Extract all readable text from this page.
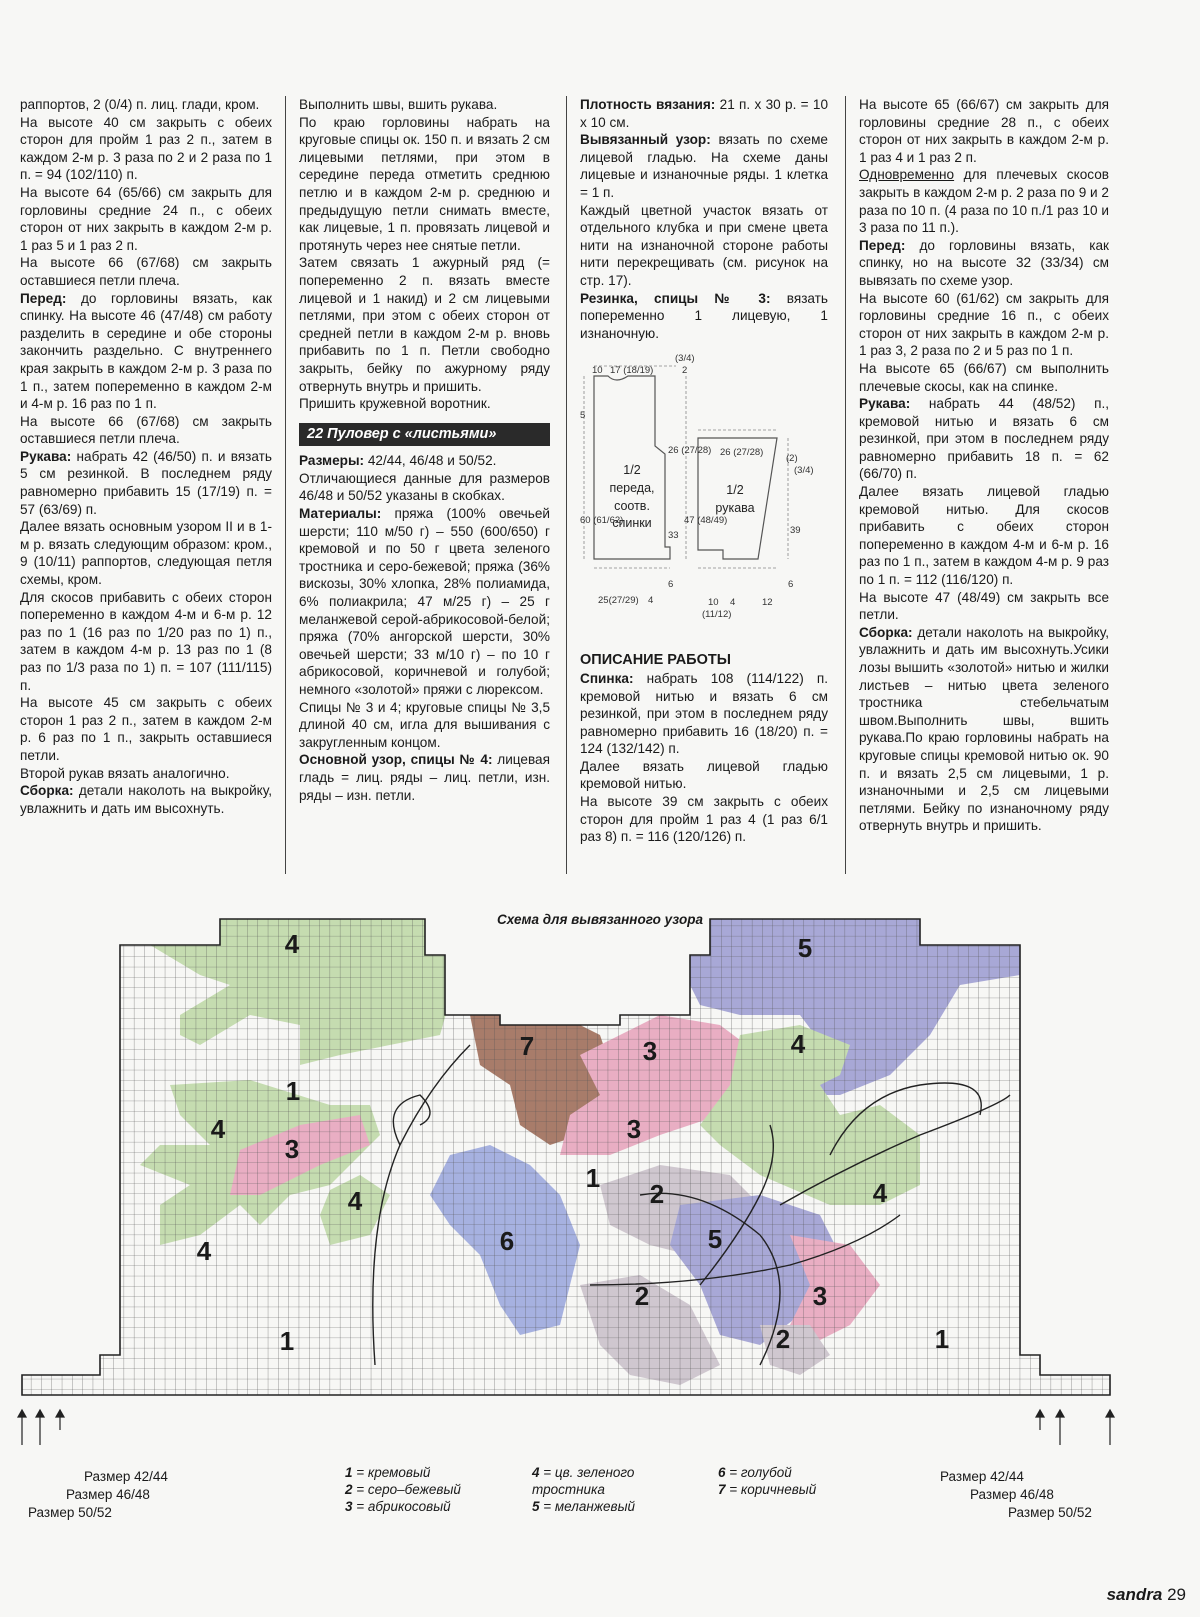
раппортов, 2 (0/4) п. лиц. глади, кром.

На высоте 40 см закрыть с обеих сторон для пройм 1 раз 2 п., затем в каждом 2-м р. 3 раза по 2 и 2 раза по 1 п. = 94 (102/110) п.

На высоте 64 (65/66) см закрыть для горловины средние 24 п., с обеих сторон от них закрыть в каждом 2-м р. 1 раз 5 и 1 раз 2 п.

На высоте 66 (67/68) см закрыть оставшиеся петли плеча.

Перед: до горловины вязать, как спинку. На высоте 46 (47/48) см работу разделить в середине и обе стороны закончить раздельно. С внутреннего края закрыть в каждом 2-м р. 3 раза по 1 п., затем попеременно в каждом 2-м и 4-м р. 16 раз по 1 п.

На высоте 66 (67/68) см закрыть оставшиеся петли плеча.

Рукава: набрать 42 (46/50) п. и вязать 5 см резинкой. В последнем ряду равномерно прибавить 15 (17/19) п. = 57 (63/69) п.

Далее вязать основным узором II и в 1-м р. вязать следующим образом: кром., 9 (10/11) раппортов, следующая петля схемы, кром.

Для скосов прибавить с обеих сторон попеременно в каждом 4-м и 6-м р. 12 раз по 1 (16 раз по 1/20 раз по 1) п., затем в каждом 4-м р. 13 раз по 1 (8 раз по 1/3 раза по 1) п. = 107 (111/115) п.

На высоте 45 см закрыть с обеих сторон 1 раз 2 п., затем в каждом 2-м р. 6 раз по 1 п., закрыть оставшиеся петли.

Второй рукав вязать аналогично.

Сборка: детали наколоть на выкройку, увлажнить и дать им высохнуть.

Выполнить швы, вшить рукава.

По краю горловины набрать на круговые спицы ок. 150 п. и вязать 2 см лицевыми петлями, при этом в середине переда отметить среднюю петлю и в каждом 2-м р. среднюю и предыдущую петли снимать вместе, как лицевые, 1 п. провязать лицевой и протянуть через нее снятые петли.

Затем связать 1 ажурный ряд (= попеременно 2 п. вязать вместе лицевой и 1 накид) и 2 см лицевыми петлями, при этом с обеих сторон от средней петли в каждом 2-м р. вновь прибавить по 1 п. Петли свободно закрыть, бейку по ажурному ряду отвернуть внутрь и пришить.

Пришить кружевной воротник.

22 Пуловер с «листьями»

Размеры: 42/44, 46/48 и 50/52.

Отличающиеся данные для размеров 46/48 и 50/52 указаны в скобках.

Материалы: пряжа (100% овечьей шерсти; 110 м/50 г) – 550 (600/650) г кремовой и по 50 г цвета зеленого тростника и серо-бежевой; пряжа (36% вискозы, 30% хлопка, 28% полиамида, 6% полиакрила; 47 м/25 г) – 25 г меланжевой серой-абрикосовой-белой; пряжа (70% ангорской шерсти, 30% овечьей шерсти; 33 м/10 г) – по 10 г абрикосовой, коричневой и голубой; немного «золотой» пряжи с люрексом.

Спицы № 3 и 4; круговые спицы № 3,5 длиной 40 см, игла для вышивания с закругленным концом.

Основной узор, спицы № 4: лицевая гладь = лиц. ряды – лиц. петли, изн. ряды – изн. петли.

Плотность вязания: 21 п. х 30 р. = 10 х 10 см.

Вывязанный узор: вязать по схеме лицевой гладью. На схеме даны лицевые и изнаночные ряды. 1 клетка = 1 п.

Каждый цветной участок вязать от отдельного клубка и при смене цвета нити на изнаночной стороне работы нити перекрещивать (см. рисунок на стр. 17).

Резинка, спицы № 3: вязать попеременно 1 лицевую, 1 изнаночную.

1/2 переда, соотв. спинки
1/2 рукава
10 17 (18/19)
(3/4)
2
5
26 (27/28)
60 (61/62)
33
6
25(27/29) 4
26 (27/28)
(2)
(3/4)
47 (48/49)
39
6
10 4	12
(11/12)
ОПИСАНИЕ РАБОТЫ

Спинка: набрать 108 (114/122) п. кремовой нитью и вязать 6 см резинкой, при этом в последнем ряду равномерно прибавить 16 (18/20) п. = 124 (132/142) п.

Далее вязать лицевой гладью кремовой нитью.

На высоте 39 см закрыть с обеих сторон для пройм 1 раз 4 (1 раз 6/1 раз 8) п. = 116 (120/126) п.

На высоте 65 (66/67) см закрыть для горловины средние 28 п., с обеих сторон от них закрыть в каждом 2-м р. 1 раз 4 и 1 раз 2 п.

Одновременно для плечевых скосов закрыть в каждом 2-м р. 2 раза по 9 и 2 раза по 10 п. (4 раза по 10 п./1 раз 10 и 3 раза по 11 п.).

Перед: до горловины вязать, как спинку, но на высоте 32 (33/34) см вывязать по схеме узор.

На высоте 60 (61/62) см закрыть для горловины средние 16 п., с обеих сторон от них закрыть в каждом 2-м р. 1 раз 3, 2 раза по 2 и 5 раз по 1 п.

На высоте 65 (66/67) см выполнить плечевые скосы, как на спинке.

Рукава: набрать 44 (48/52) п., кремовой нитью и вязать 6 см резинкой, при этом в последнем ряду равномерно прибавить 18 п. = 62 (66/70) п.

Далее вязать лицевой гладью кремовой нитью. Для скосов прибавить с обеих сторон попеременно в каждом 4-м и 6-м р. 16 раз по 1 п., затем в каждом 4-м р. 9 раз по 1 п. = 112 (116/120) п.

На высоте 47 (48/49) см закрыть все петли.

Сборка: детали наколоть на выкройку, увлажнить и дать им высохнуть.Усики лозы вышить «золотой» нитью и жилки листьев – нитью цвета зеленого тростника стебельчатым швом.Выполнить швы, вшить рукава.По краю горловины набрать на круговые спицы кремовой нитью ок. 90 п. и вязать 2,5 см лицевыми, 1 р. изнаночными и 2,5 см лицевыми петлями. Бейку по изнаночному ряду отвернуть внутрь и пришить.

Схема для вывязанного узора
4	5
7	3	4
1
4
3
3
4
1
2
4	6	5
4
2	3
2
1	1
Размер 42/44
Размер 46/48
Размер 50/52
Размер 42/44
Размер 46/48
Размер 50/52
1 = кремовый
2 = серо–бежевый
3 = абрикосовый
4 = цв. зеленого тростника
5 = меланжевый
6 = голубой
7 = коричневый
sandra 29
